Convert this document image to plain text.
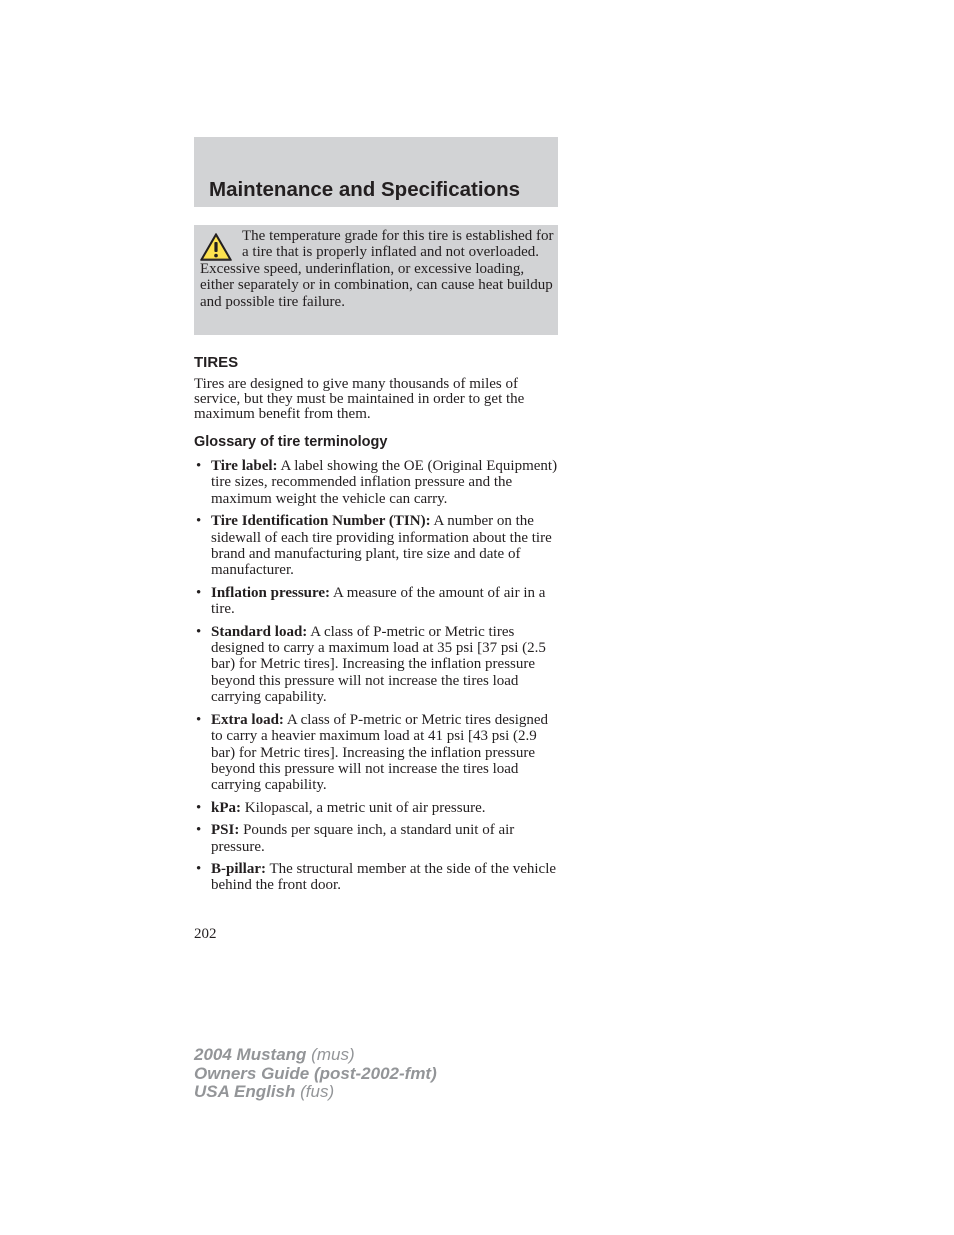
Maintenance and Specifications

The temperature grade for this tire is established for a tire that is properly inflated and not overloaded. Excessive speed, underinflation, or excessive loading, either separately or in combination, can cause heat buildup and possible tire failure.

TIRES

Tires are designed to give many thousands of miles of service, but they must be maintained in order to get the maximum benefit from them.

Glossary of tire terminology
• Tire label: A label showing the OE (Original Equipment) tire sizes, recommended inflation pressure and the maximum weight the vehicle can carry.
• Tire Identification Number (TIN): A number on the sidewall of each tire providing information about the tire brand and manufacturing plant, tire size and date of manufacturer.
• Inflation pressure: A measure of the amount of air in a tire.
• Standard load: A class of P-metric or Metric tires designed to carry a maximum load at 35 psi [37 psi (2.5 bar) for Metric tires]. Increasing the inflation pressure beyond this pressure will not increase the tires load carrying capability.
• Extra load: A class of P-metric or Metric tires designed to carry a heavier maximum load at 41 psi [43 psi (2.9 bar) for Metric tires]. Increasing the inflation pressure beyond this pressure will not increase the tires load carrying capability.
• kPa: Kilopascal, a metric unit of air pressure.
• PSI: Pounds per square inch, a standard unit of air pressure.
• B-pillar: The structural member at the side of the vehicle behind the front door.

202

2004 Mustang (mus)
Owners Guide (post-2002-fmt)
USA English (fus)
